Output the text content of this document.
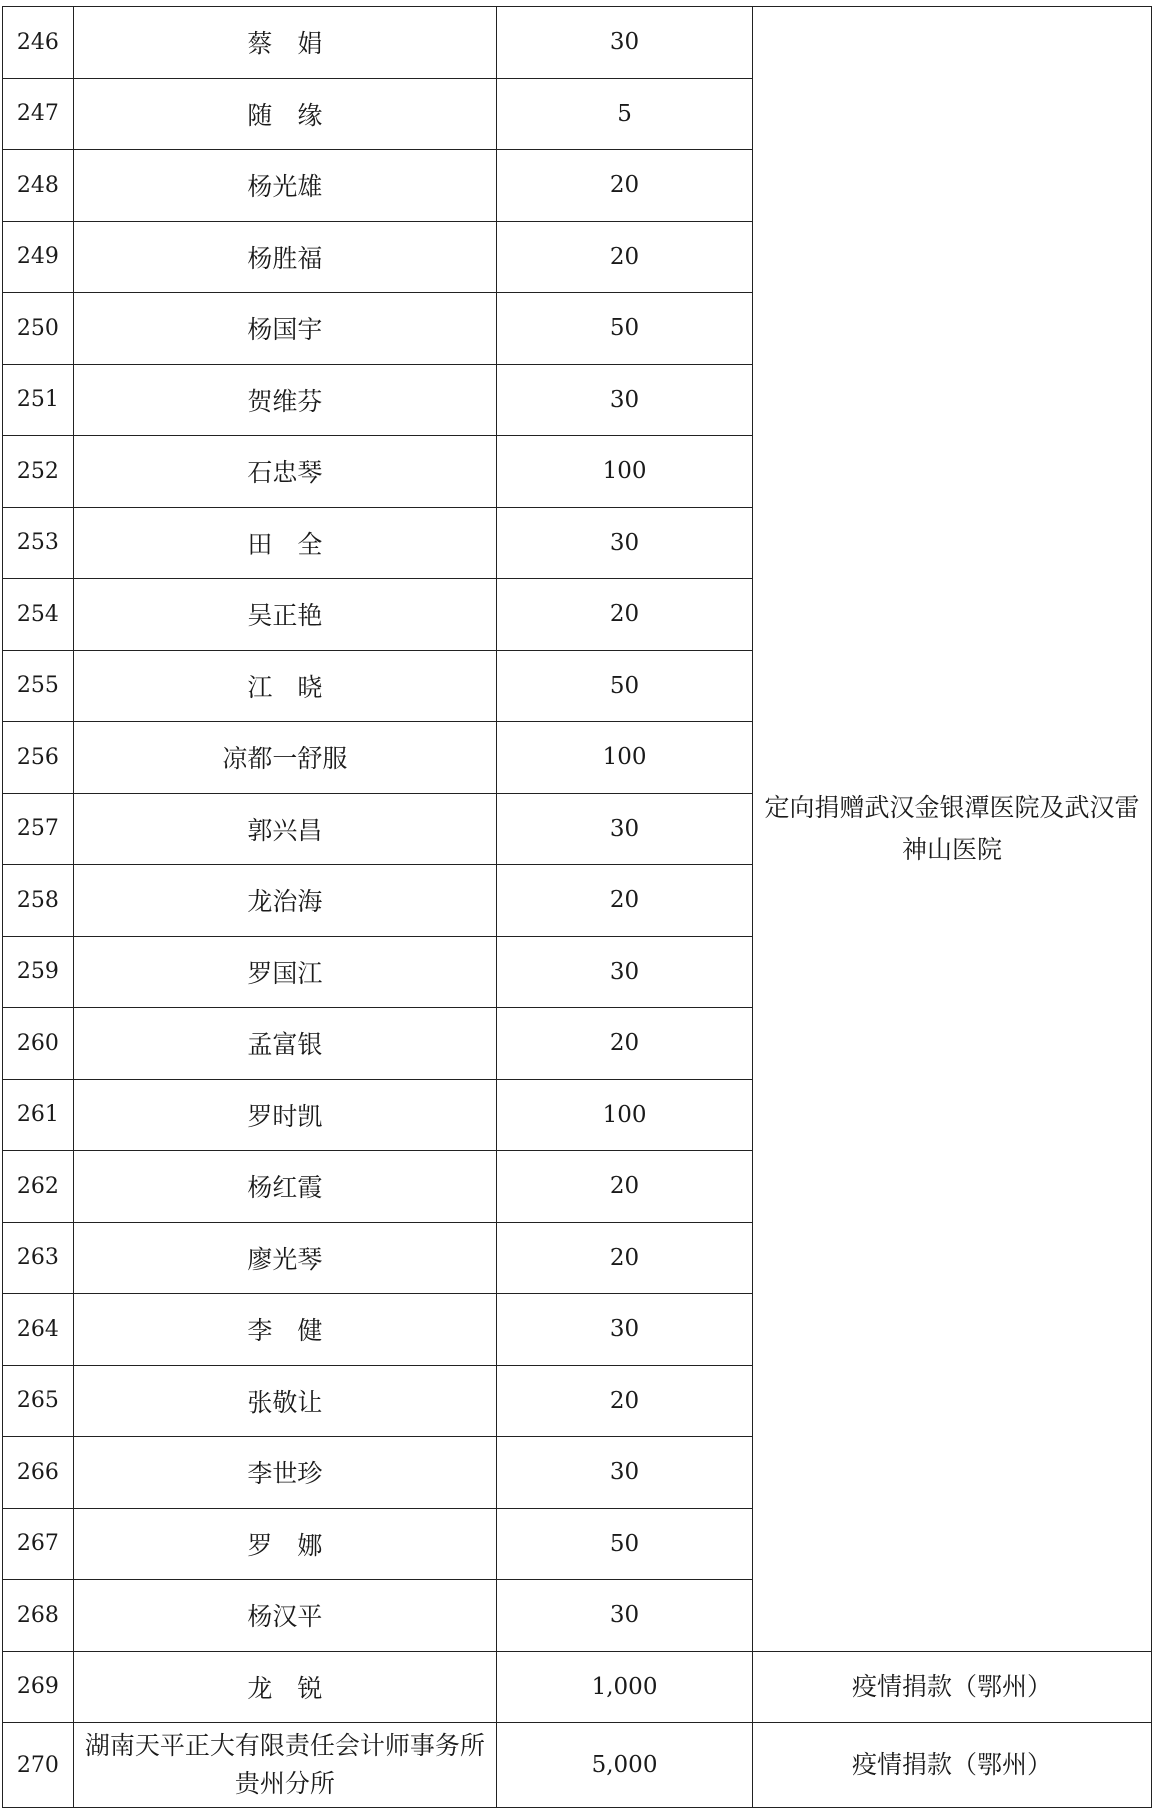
246	蔡　娟	30	定向捐赠武汉金银潭医院及武汉雷神山医院
247	随　缘	5	
248	杨光雄	20	
249	杨胜福	20	
250	杨国宇	50	
251	贺维芬	30	
252	石忠琴	100	
253	田　全	30	
254	吴正艳	20	
255	江　晓	50	
256	凉都一舒服	100	
257	郭兴昌	30	
258	龙治海	20	
259	罗国江	30	
260	孟富银	20	
261	罗时凯	100	
262	杨红霞	20	
263	廖光琴	20	
264	李　健	30	
265	张敬让	20	
266	李世珍	30	
267	罗　娜	50	
268	杨汉平	30	
269	龙　锐	1,000	疫情捐款（鄂州）
270	湖南天平正大有限责任会计师事务所贵州分所	5,000	疫情捐款（鄂州）
